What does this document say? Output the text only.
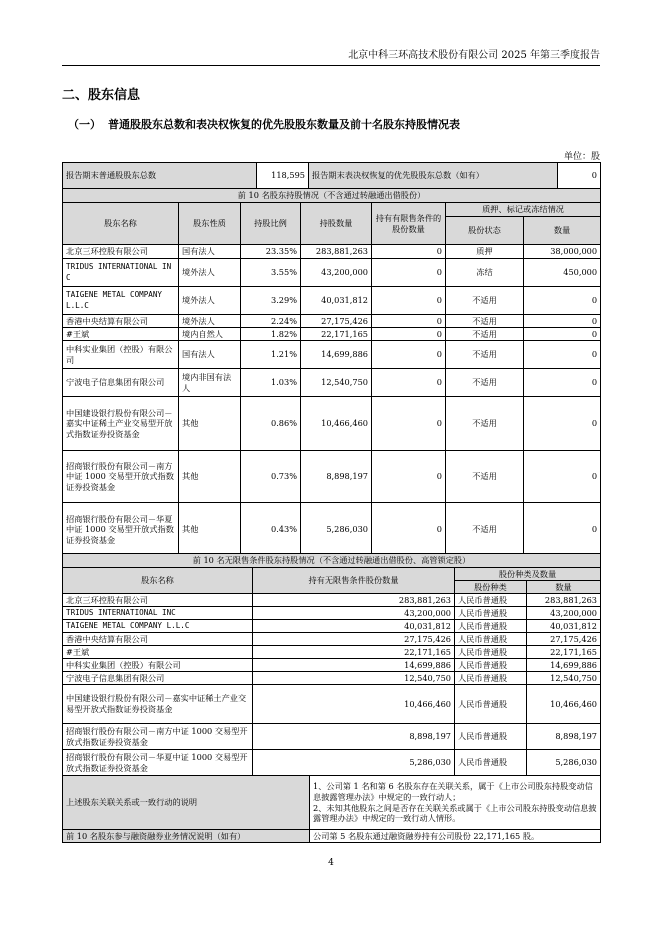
北京中科三环高技术股份有限公司 2025 年第三季度报告
二、股东信息
（一） 普通股股东总数和表决权恢复的优先股股东数量及前十名股东持股情况表
单位：股
报告期末普通股股东总数	118,595	报告期末表决权恢复的优先股股东总数（如有）	0
前 10 名股东持股情况（不含通过转融通出借股份）						
股东名称	股东性质	持股比例	持股数量	持有有限售条件的股份数量	质押、标记或冻结情况	
					股份状态	数量
北京三环控股有限公司	国有法人	23.35%	283,881,263	0	质押	38,000,000
TRIDUS INTERNATIONAL INC	境外法人	3.55%	43,200,000	0	冻结	450,000
TAIGENE METAL COMPANY L.L.C	境外法人	3.29%	40,031,812	0	不适用	0
香港中央结算有限公司	境外法人	2.24%	27,175,426	0	不适用	0
#王斌	境内自然人	1.82%	22,171,165	0	不适用	0
中科实业集团（控股）有限公司	国有法人	1.21%	14,699,886	0	不适用	0
宁波电子信息集团有限公司	境内非国有法人	1.03%	12,540,750	0	不适用	0
中国建设银行股份有限公司－嘉实中证稀土产业交易型开放式指数证券投资基金	其他	0.86%	10,466,460	0	不适用	0
招商银行股份有限公司－南方中证 1000 交易型开放式指数证券投资基金	其他	0.73%	8,898,197	0	不适用	0
招商银行股份有限公司－华夏中证 1000 交易型开放式指数证券投资基金	其他	0.43%	5,286,030	0	不适用	0
前 10 名无限售条件股东持股情况（不含通过转融通出借股份、高管锁定股）				
股东名称	持有无限售条件股份数量		股份种类及数量	
			股份种类	数量
北京三环控股有限公司	283,881,263		人民币普通股	283,881,263
TRIDUS INTERNATIONAL INC	43,200,000		人民币普通股	43,200,000
TAIGENE METAL COMPANY L.L.C	40,031,812		人民币普通股	40,031,812
香港中央结算有限公司	27,175,426		人民币普通股	27,175,426
#王斌	22,171,165		人民币普通股	22,171,165
中科实业集团（控股）有限公司	14,699,886		人民币普通股	14,699,886
宁波电子信息集团有限公司	12,540,750		人民币普通股	12,540,750
中国建设银行股份有限公司－嘉实中证稀土产业交易型开放式指数证券投资基金	10,466,460		人民币普通股	10,466,460
招商银行股份有限公司－南方中证 1000 交易型开放式指数证券投资基金	8,898,197		人民币普通股	8,898,197
招商银行股份有限公司－华夏中证 1000 交易型开放式指数证券投资基金	5,286,030		人民币普通股	5,286,030
上述股东关联关系或一致行动的说明		1、公司第 1 名和第 6 名股东存在关联关系，属于《上市公司股东持股变动信息披露管理办法》中规定的一致行动人；
2、未知其他股东之间是否存在关联关系或属于《上市公司股东持股变动信息披露管理办法》中规定的一致行动人情形。		
前 10 名股东参与融资融券业务情况说明（如有）		公司第 5 名股东通过融资融券持有公司股份 22,171,165 股。		
4
